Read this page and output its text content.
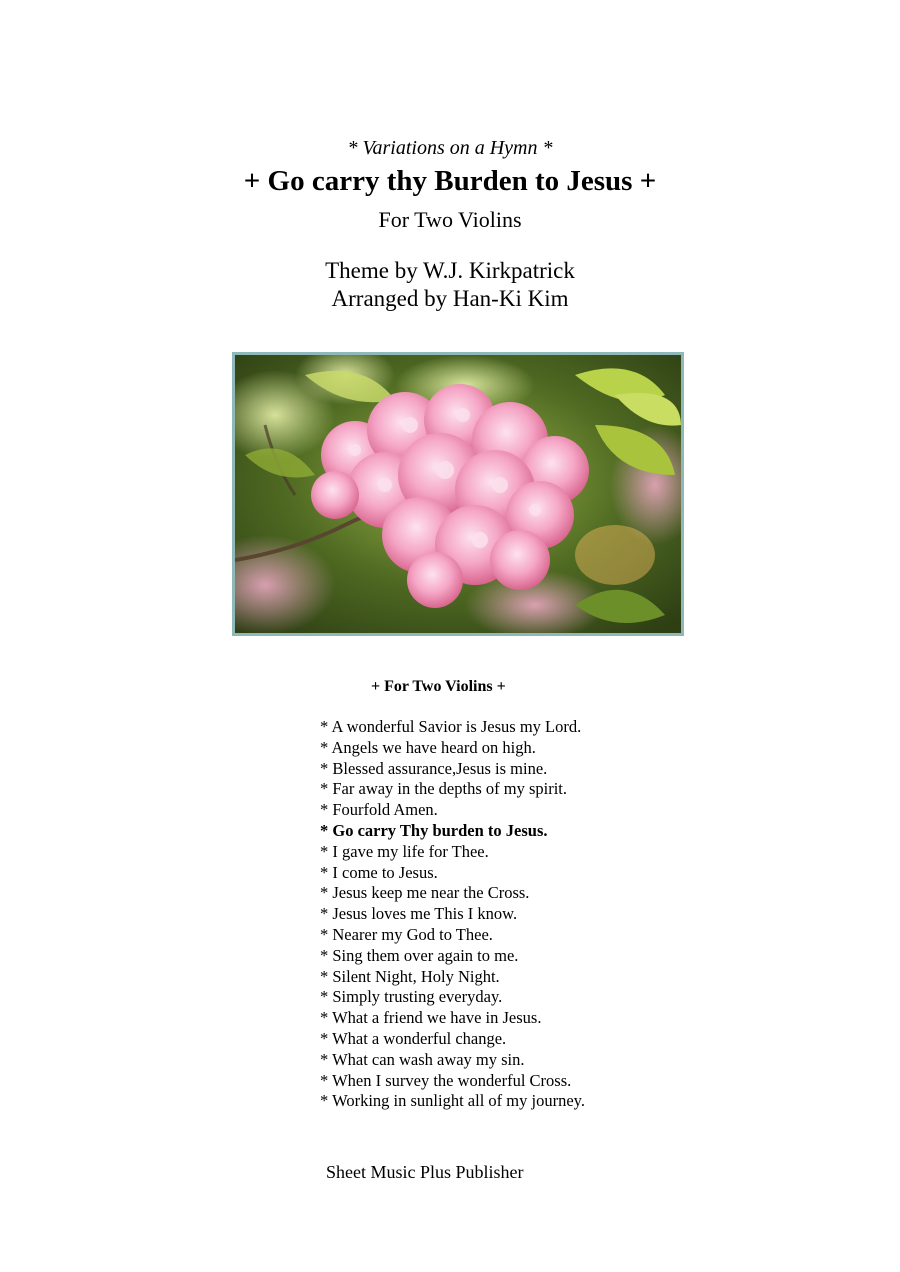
* Variations on a Hymn *
+ Go carry thy Burden to Jesus +
For Two Violins
Theme by W.J. Kirkpatrick
Arranged by Han-Ki Kim
+ For Two Violins +
* A wonderful Savior is Jesus my Lord.
* Angels we have heard on high.
* Blessed assurance,Jesus is mine.
* Far away in the depths of my spirit.
* Fourfold Amen.
* Go carry Thy burden to Jesus.
* I gave my life for Thee.
* I come to Jesus.
* Jesus keep me near the Cross.
* Jesus loves me This I know.
* Nearer my God to Thee.
* Sing them over again to me.
* Silent Night, Holy Night.
* Simply trusting everyday.
* What a friend we have in Jesus.
* What a wonderful change.
* What can wash away my sin.
* When I survey the wonderful Cross.
* Working in sunlight all of my journey.
Sheet Music Plus Publisher
